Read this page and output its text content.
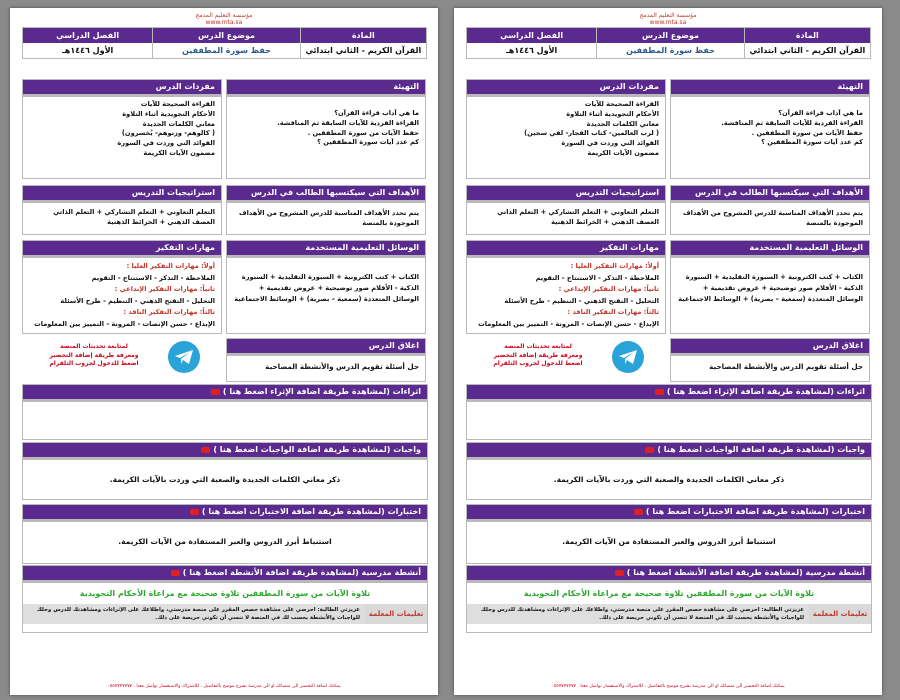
مؤسسة التعليم المدمج
www.mta.sa
المادة
موضوع الدرس
الفصل الدراسي
القرآن الكريم - الثاني ابتدائي
حفظ سورة المطففين
الأول ١٤٤٦هـ
التهيئة
ما هي آداب قراءة القرآن؟
القراءة الفردية للآيات السابقة ثم المناقشة.
حفظ الآيات من سورة المطففين .
كم عدد آيات سورة المطففين ؟
مفردات الدرس
القراءة الصحيحة للآيات
الأحكام التجويدية أثناء التلاوة
معاني الكلمات الجديدة
( كالوهم- وزنوهم- يُخسرون)
الفوائد التي وردت في السورة
مضمون الآيات الكريمة
الأهداف التي سيكتسبها الطالب في الدرس
يتم تحدد الأهداف المناسبة للدرس المشروح من الأهداف الموجودة بالمنصة
استراتيجيات التدريس
التعلم التعاوني + التعلم التشاركي + التعلم الذاتي
العصف الذهني + الخرائط الذهنية
الوسائل التعليمية المستخدمة
الكتاب + كتب الكترونية + السبورة التقليدية + السبورة الذكية - الأقلام صور توضيحية + عروض تقديمية + الوسائل المتعددة (سمعية – بصرية) + الوسائط الاجتماعية
مهارات التفكير
أولاً: مهارات التفكير العليا :
الملاحظة - التذكر - الاستنتاج - التقويم
ثانياً: مهارات التفكير الإبداعي :
التحليل - التفتح الذهني - التنظيم - طرح الأسئلة
ثالثاً: مهارات التفكير الناقد :
الإبداع - حسن الإنصات - المرونة - التمييز بين المعلومات
اغلاق الدرس
حل أسئلة تقويم الدرس والأنشطة المصاحبة
لمتابعة تحديثات المنصة
ومعرفة طريقة إضافة التحضير
اضغط للدخول لجروب التلقرام
اثراءات (لمشاهدة طريقة اضافة الإثراء اضغط هنا )
واجبات (لمشاهدة طريقة اضافة الواجبات اضغط هنا )
ذكر معاني الكلمات الجديدة والصعبة التي وردت بالآيات الكريمة.
اختبارات (لمشاهدة طريقة اضافة الاختبارات اضغط هنا )
استنباط أبرز الدروس والعبر المستفادة من الآيات الكريمة.
أنشطة مدرسية (لمشاهدة طريقة اضافة الأنشطة اضغط هنا )
تلاوة الآيات من سورة المطففين تلاوة صحيحة مع مراعاة الأحكام التجويدية
تعليمات المعلمة
عزيزتي الطالبة: احرصي على مشاهدة حصص المقرر على منصة مدرستي، واطلاعك على الإثراءات ومشاهدتك للدرس وحلك للواجبات والأنشطة يحسب لك في المنصة لا تنسي أن تكوني حريصة على ذلك.
يمكنك اضافة التحضير الى منصاتك او الى مدرسة بشرح موضح بالتفاصيل ، للاشتراك والاستفسار تواصل معنا . ٠٥٥٧٧٧٧٧٧٧
مؤسسة التعليم المدمج
www.mta.sa
المادة
موضوع الدرس
الفصل الدراسي
القرآن الكريم - الثاني ابتدائي
حفظ سورة المطففين
الأول ١٤٤٦هـ
التهيئة
ما هي آداب قراءة القرآن؟
القراءة الفردية للآيات السابقة ثم المناقشة.
حفظ الآيات من سورة المطففين .
كم عدد آيات سورة المطففين ؟
مفردات الدرس
القراءة الصحيحة للآيات
الأحكام التجويدية أثناء التلاوة
معاني الكلمات الجديدة
( لرب العالمين- كتاب الفجار- لفي سجين)
الفوائد التي وردت في السورة
مضمون الآيات الكريمة
الأهداف التي سيكتسبها الطالب في الدرس
يتم تحدد الأهداف المناسبة للدرس المشروح من الأهداف الموجودة بالمنصة
استراتيجيات التدريس
التعلم التعاوني + التعلم التشاركي + التعلم الذاتي
العصف الذهني + الخرائط الذهنية
الوسائل التعليمية المستخدمة
الكتاب + كتب الكترونية + السبورة التقليدية + السبورة الذكية - الأقلام صور توضيحية + عروض تقديمية + الوسائل المتعددة (سمعية – بصرية) + الوسائط الاجتماعية
مهارات التفكير
أولاً: مهارات التفكير العليا :
الملاحظة - التذكر - الاستنتاج - التقويم
ثانياً: مهارات التفكير الإبداعي :
التحليل - التفتح الذهني - التنظيم - طرح الأسئلة
ثالثاً: مهارات التفكير الناقد :
الإبداع - حسن الإنصات - المرونة - التمييز بين المعلومات
اغلاق الدرس
حل أسئلة تقويم الدرس والأنشطة المصاحبة
لمتابعة تحديثات المنصة
ومعرفة طريقة إضافة التحضير
اضغط للدخول لجروب التلقرام
اثراءات (لمشاهدة طريقة اضافة الإثراء اضغط هنا )
واجبات (لمشاهدة طريقة اضافة الواجبات اضغط هنا )
ذكر معاني الكلمات الجديدة والصعبة التي وردت بالآيات الكريمة.
اختبارات (لمشاهدة طريقة اضافة الاختبارات اضغط هنا )
استنباط أبرز الدروس والعبر المستفادة من الآيات الكريمة.
أنشطة مدرسية (لمشاهدة طريقة اضافة الأنشطة اضغط هنا )
تلاوة الآيات من سورة المطففين تلاوة صحيحة مع مراعاة الأحكام التجويدية
تعليمات المعلمة
عزيزتي الطالبة: احرصي على مشاهدة حصص المقرر على منصة مدرستي، واطلاعك على الإثراءات ومشاهدتك للدرس وحلك للواجبات والأنشطة يحسب لك في المنصة لا تنسي أن تكوني حريصة على ذلك.
يمكنك اضافة التحضير الى منصاتك او الى مدرسة بشرح موضح بالتفاصيل ، للاشتراك والاستفسار تواصل معنا . ٠٥٥٧٧٧٧٧٧٧
